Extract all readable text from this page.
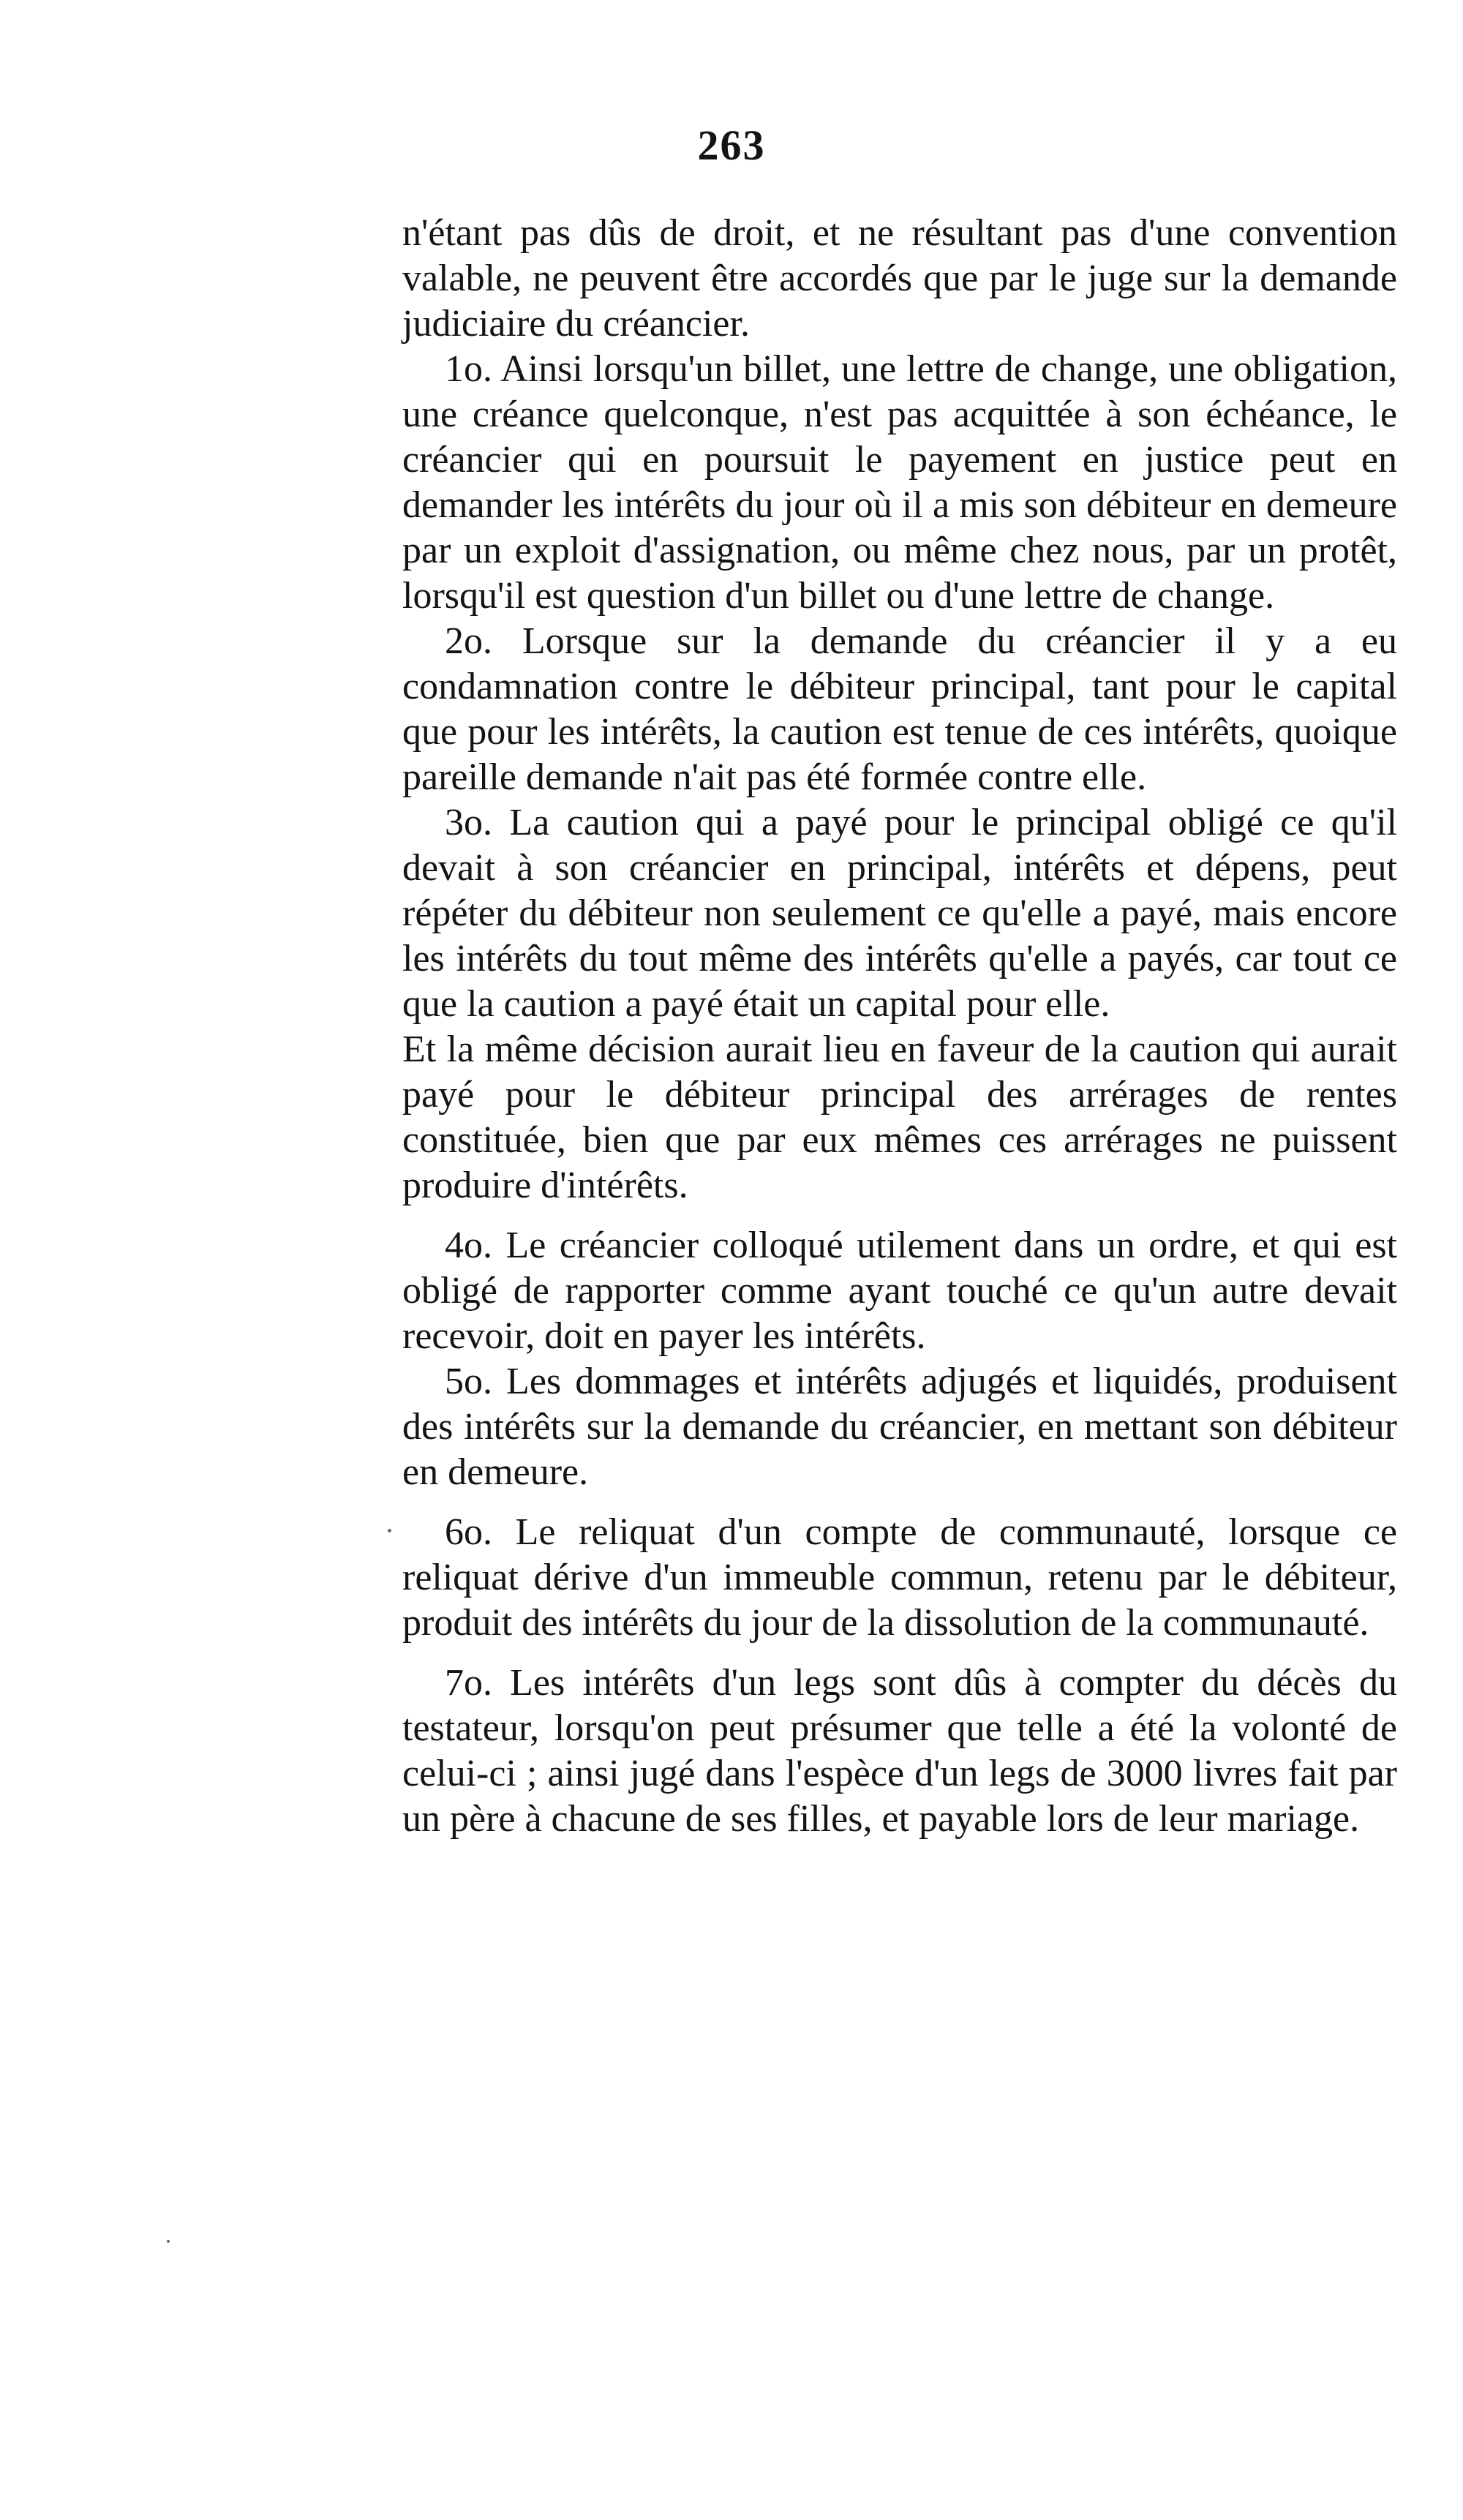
263

n'étant pas dûs de droit, et ne résultant pas d'une convention valable, ne peuvent être accordés que par le juge sur la demande judiciaire du créancier.

1o. Ainsi lorsqu'un billet, une lettre de change, une obligation, une créance quelconque, n'est pas acquittée à son échéance, le créancier qui en poursuit le payement en justice peut en demander les intérêts du jour où il a mis son débiteur en demeure par un exploit d'assignation, ou même chez nous, par un protêt, lorsqu'il est question d'un billet ou d'une lettre de change.

2o. Lorsque sur la demande du créancier il y a eu condamnation contre le débiteur principal, tant pour le capital que pour les intérêts, la caution est tenue de ces intérêts, quoique pareille demande n'ait pas été formée contre elle.

3o. La caution qui a payé pour le principal obligé ce qu'il devait à son créancier en principal, intérêts et dépens, peut répéter du débiteur non seulement ce qu'elle a payé, mais encore les intérêts du tout même des intérêts qu'elle a payés, car tout ce que la caution a payé était un capital pour elle.

Et la même décision aurait lieu en faveur de la caution qui aurait payé pour le débiteur principal des arrérages de rentes constituée, bien que par eux mêmes ces arrérages ne puissent produire d'intérêts.

4o. Le créancier colloqué utilement dans un ordre, et qui est obligé de rapporter comme ayant touché ce qu'un autre devait recevoir, doit en payer les intérêts.

5o. Les dommages et intérêts adjugés et liquidés, produisent des intérêts sur la demande du créancier, en mettant son débiteur en demeure.

6o. Le reliquat d'un compte de communauté, lorsque ce reliquat dérive d'un immeuble commun, retenu par le débiteur, produit des intérêts du jour de la dissolution de la communauté.

7o. Les intérêts d'un legs sont dûs à compter du décès du testateur, lorsqu'on peut présumer que telle a été la volonté de celui-ci ; ainsi jugé dans l'espèce d'un legs de 3000 livres fait par un père à chacune de ses filles, et payable lors de leur mariage.
